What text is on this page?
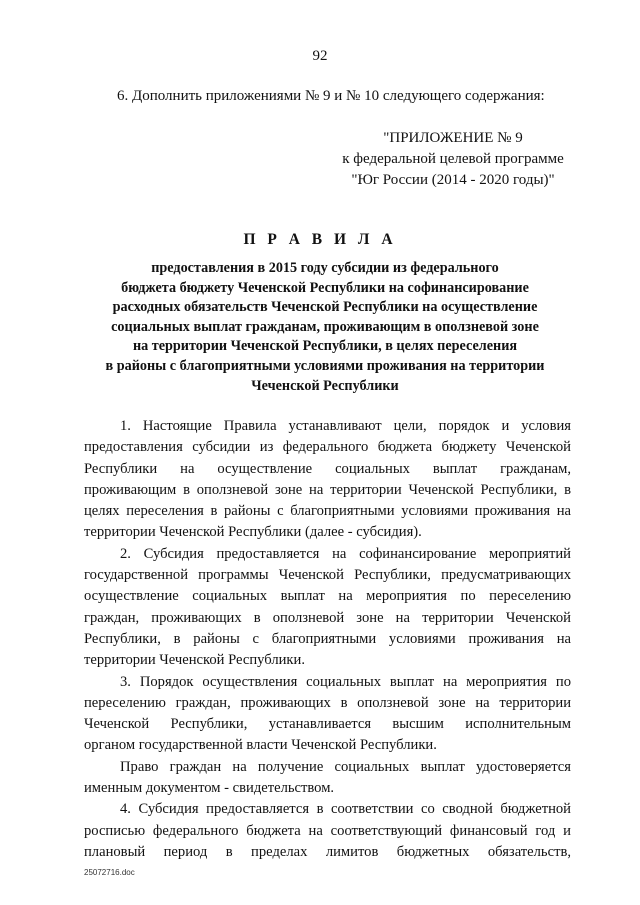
92
6. Дополнить приложениями № 9 и № 10 следующего содержания:
"ПРИЛОЖЕНИЕ № 9
к федеральной целевой программе
"Юг России (2014 - 2020 годы)"
П Р А В И Л А
предоставления в 2015 году субсидии из федерального
бюджета бюджету Чеченской Республики на софинансирование
расходных обязательств Чеченской Республики на осуществление
социальных выплат гражданам, проживающим в оползневой зоне
на территории Чеченской Республики, в целях переселения
в районы с благоприятными условиями проживания на территории
Чеченской Республики

1. Настоящие Правила устанавливают цели, порядок и условия
предоставления субсидии из федерального бюджета бюджету Чеченской
Республики на осуществление социальных выплат гражданам,
проживающим в оползневой зоне на территории Чеченской Республики, в
целях переселения в районы с благоприятными условиями проживания на
территории Чеченской Республики (далее - субсидия).

2. Субсидия предоставляется на софинансирование мероприятий
государственной программы Чеченской Республики, предусматривающих
осуществление социальных выплат на мероприятия по переселению
граждан, проживающих в оползневой зоне на территории Чеченской
Республики, в районы с благоприятными условиями проживания на
территории Чеченской Республики.

3. Порядок осуществления социальных выплат на мероприятия по
переселению граждан, проживающих в оползневой зоне на территории
Чеченской Республики, устанавливается высшим исполнительным
органом государственной власти Чеченской Республики.

Право граждан на получение социальных выплат удостоверяется
именным документом - свидетельством.

4. Субсидия предоставляется в соответствии со сводной бюджетной
росписью федерального бюджета на соответствующий финансовый год и
плановый период в пределах лимитов бюджетных обязательств,

25072716.doc
